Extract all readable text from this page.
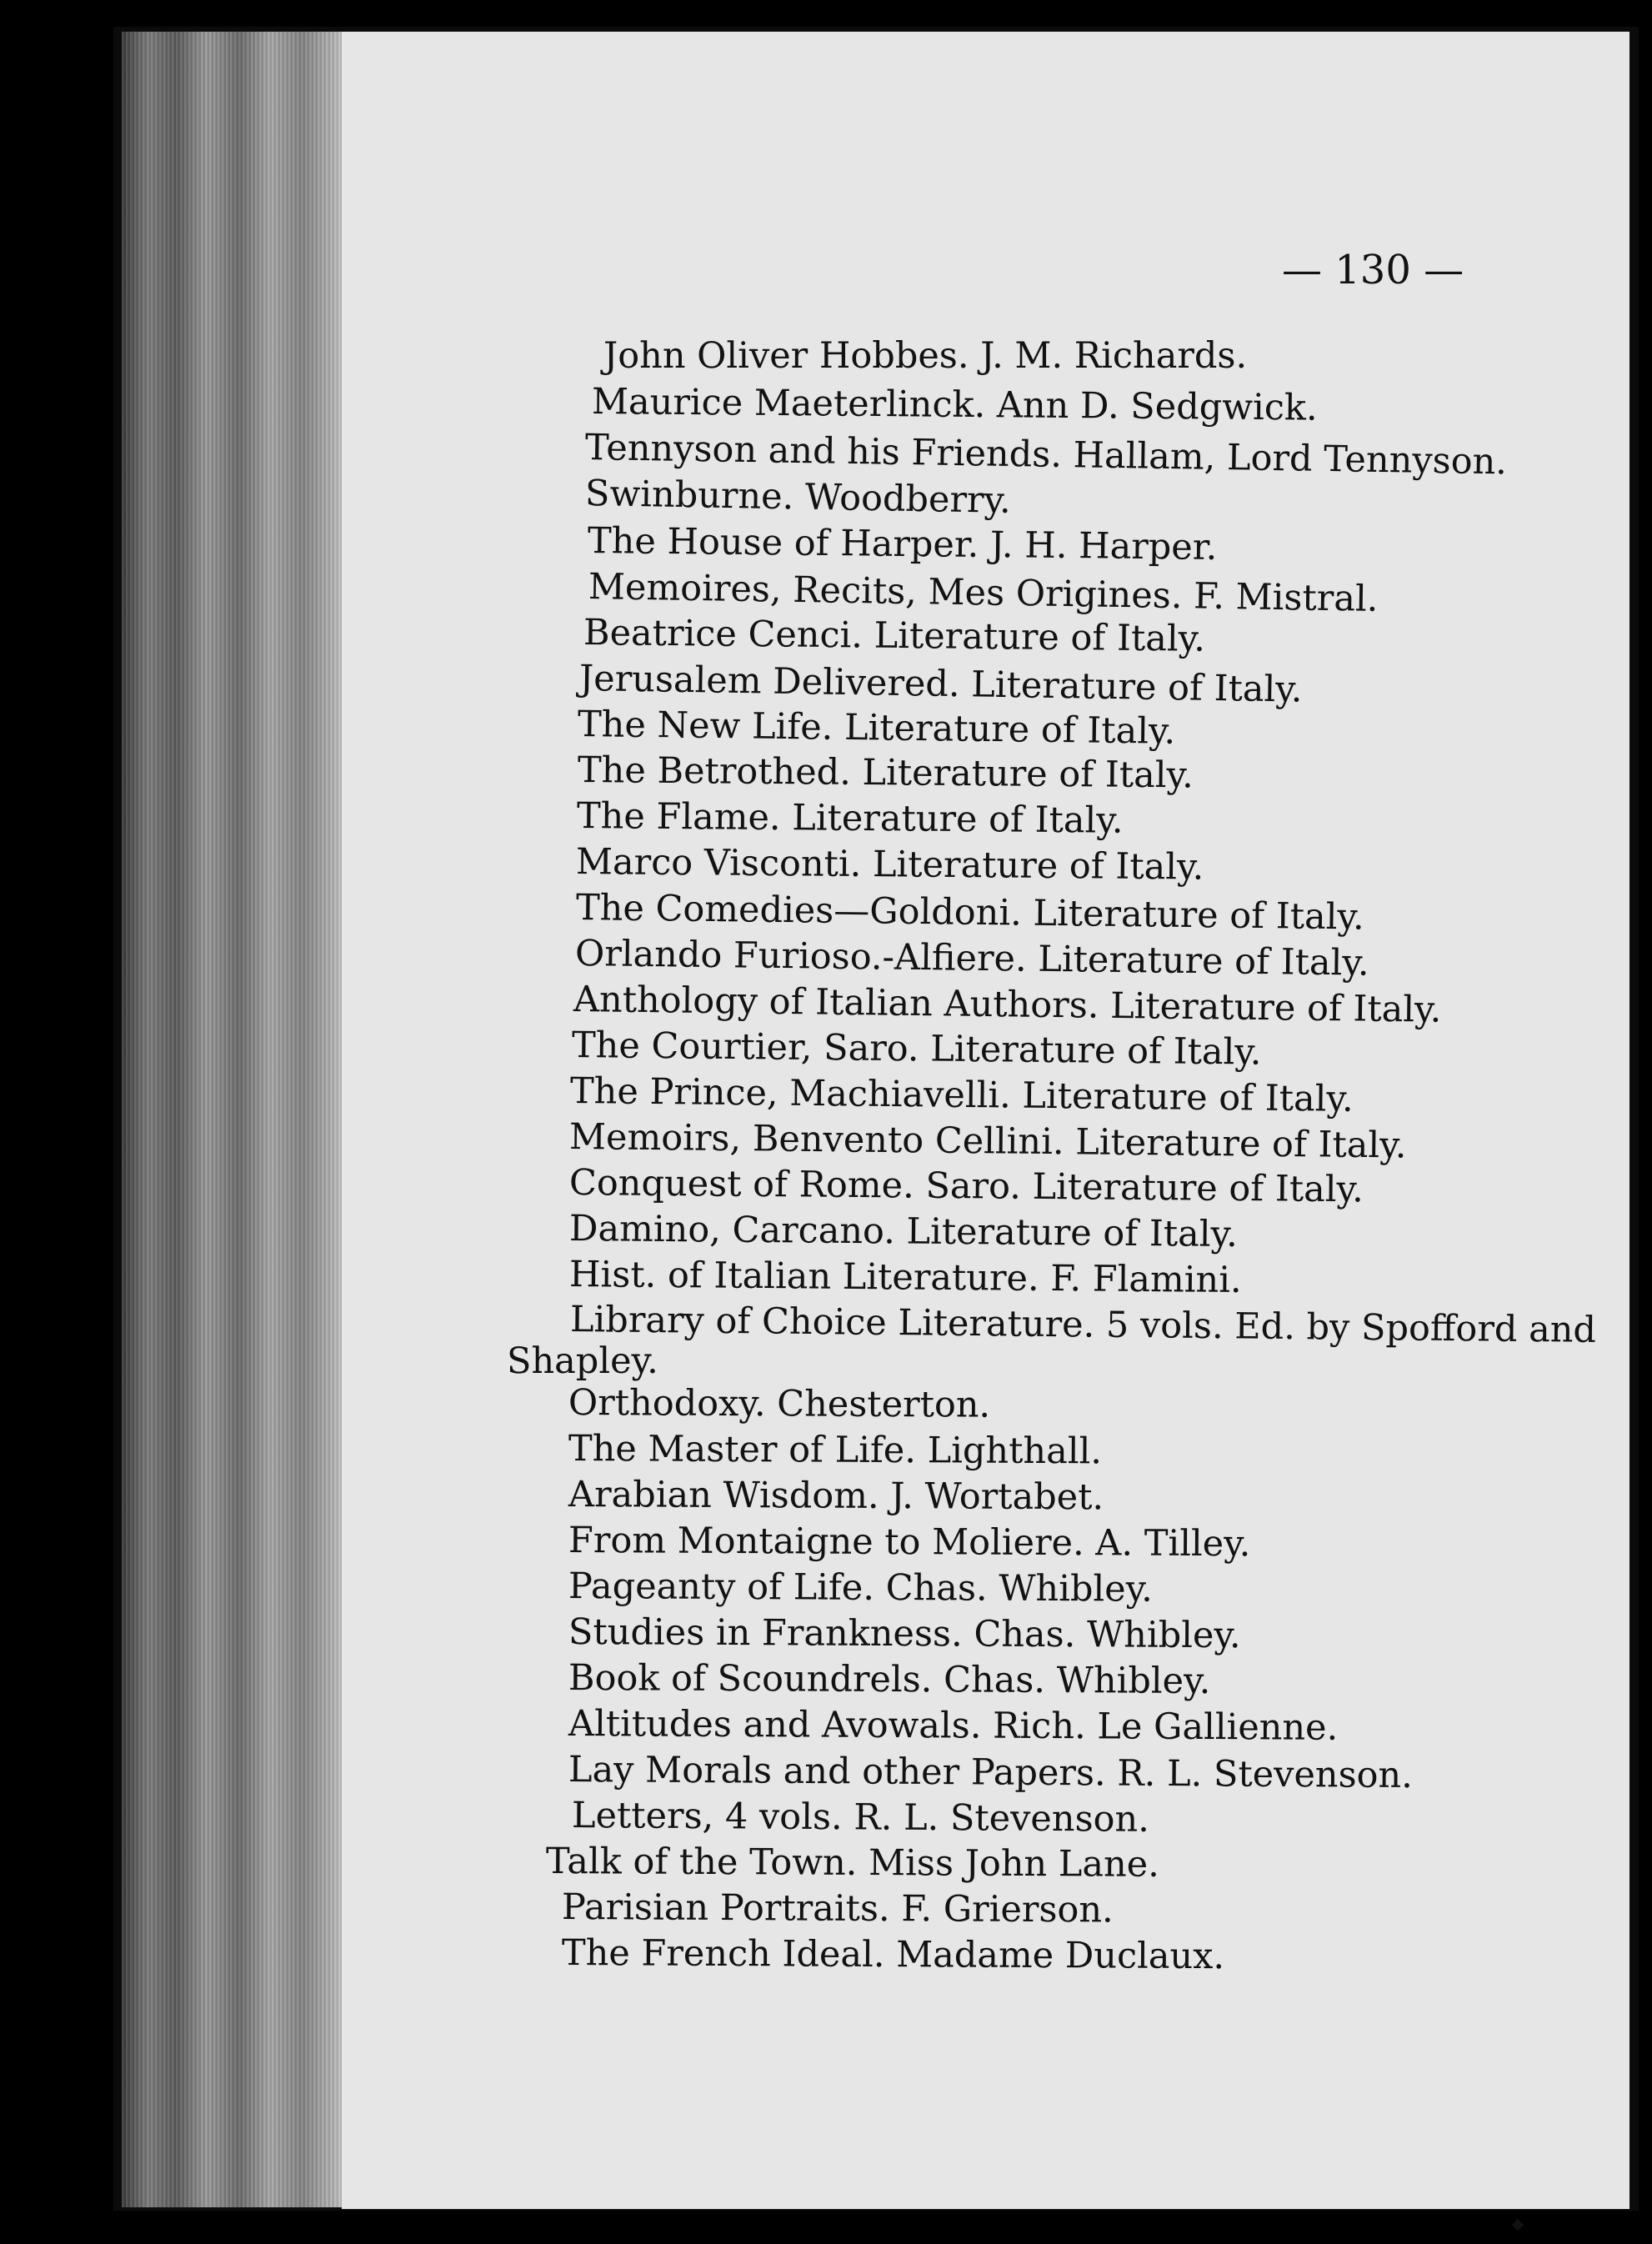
— 130 —
John Oliver Hobbes. J. M. Richards.
Maurice Maeterlinck. Ann D. Sedgwick.
Tennyson and his Friends. Hallam, Lord Tennyson.
Swinburne. Woodberry.
The House of Harper. J. H. Harper.
Memoires, Recits, Mes Origines. F. Mistral.
Beatrice Cenci. Literature of Italy.
Jerusalem Delivered. Literature of Italy.
The New Life. Literature of Italy.
The Betrothed. Literature of Italy.
The Flame. Literature of Italy.
Marco Visconti. Literature of Italy.
The Comedies—Goldoni. Literature of Italy.
Orlando Furioso.-Alfiere. Literature of Italy.
Anthology of Italian Authors. Literature of Italy.
The Courtier, Saro. Literature of Italy.
The Prince, Machiavelli. Literature of Italy.
Memoirs, Benvento Cellini. Literature of Italy.
Conquest of Rome. Saro. Literature of Italy.
Damino, Carcano. Literature of Italy.
Hist. of Italian Literature. F. Flamini.
Library of Choice Literature. 5 vols. Ed. by Spofford and
Shapley.
Orthodoxy. Chesterton.
The Master of Life. Lighthall.
Arabian Wisdom. J. Wortabet.
From Montaigne to Moliere. A. Tilley.
Pageanty of Life. Chas. Whibley.
Studies in Frankness. Chas. Whibley.
Book of Scoundrels. Chas. Whibley.
Altitudes and Avowals. Rich. Le Gallienne.
Lay Morals and other Papers. R. L. Stevenson.
Letters, 4 vols. R. L. Stevenson.
Talk of the Town. Miss John Lane.
Parisian Portraits. F. Grierson.
The French Ideal. Madame Duclaux.
